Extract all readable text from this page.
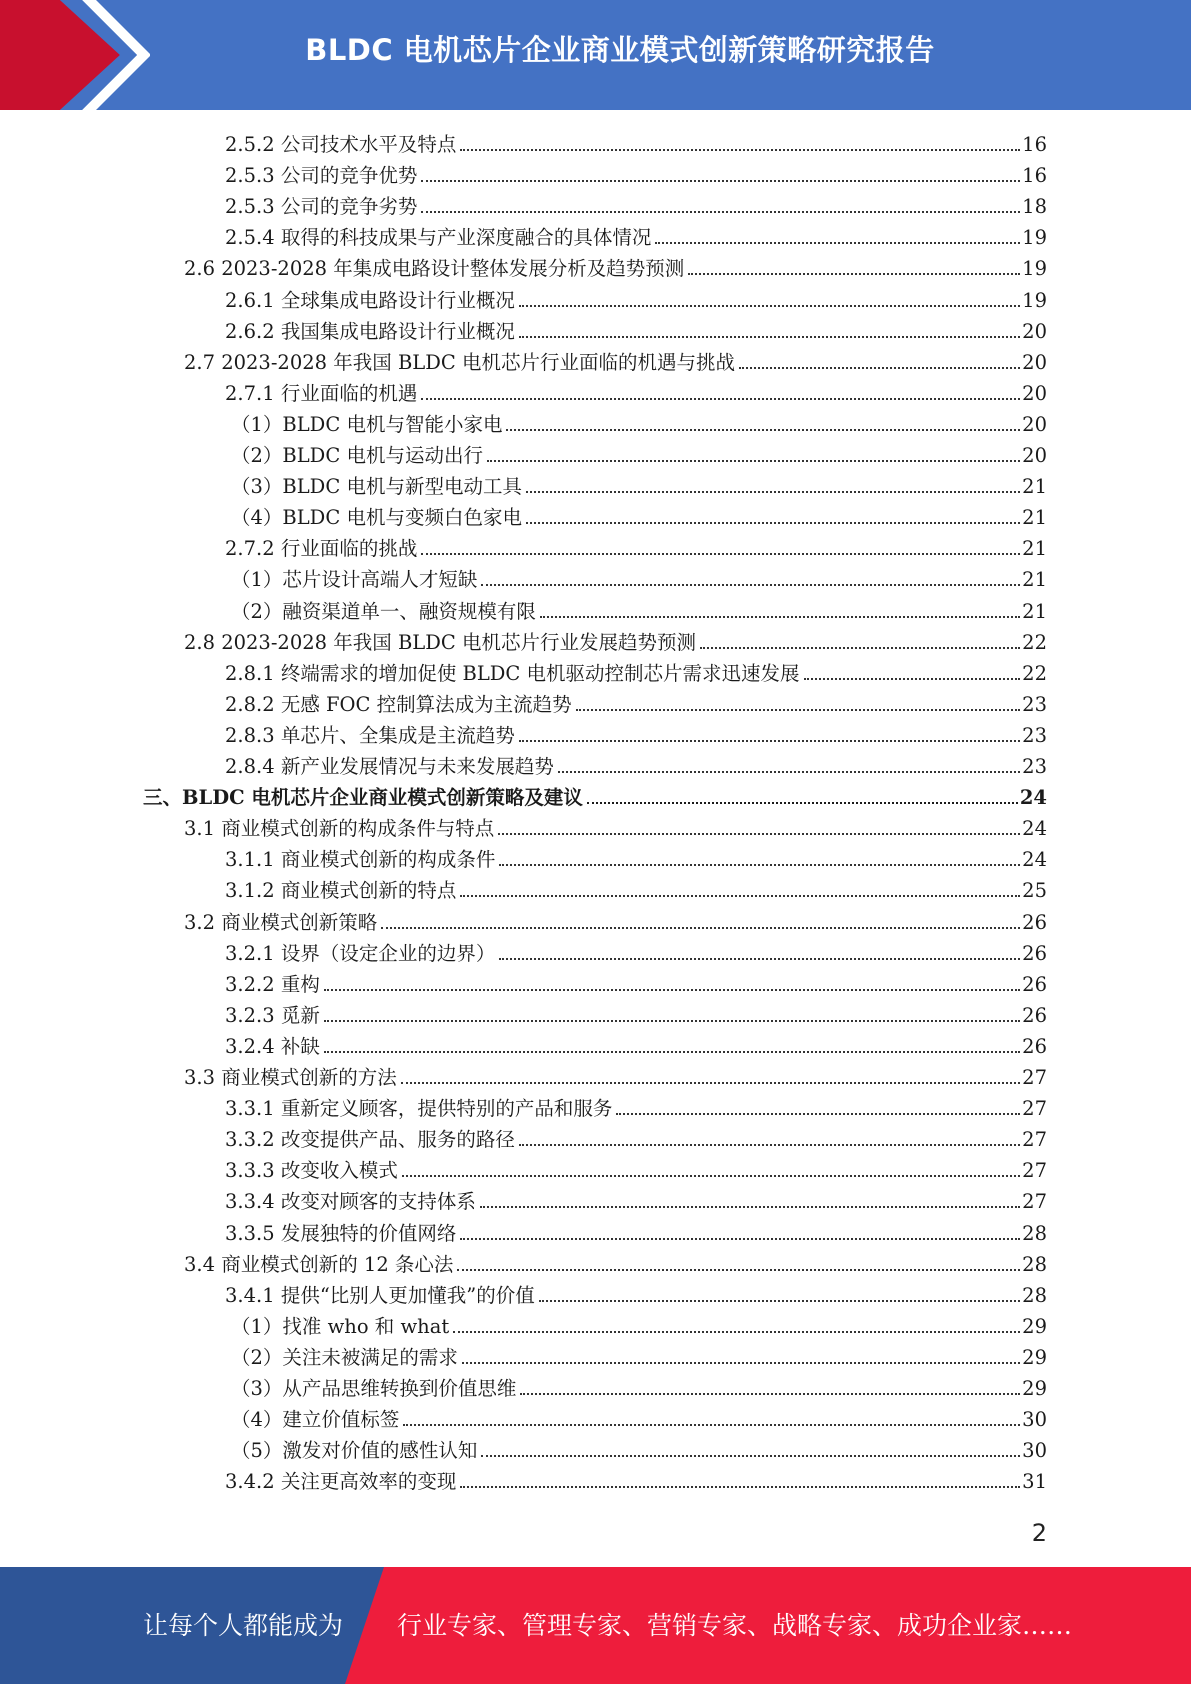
BLDC 电机芯片企业商业模式创新策略研究报告
2.5.2 公司技术水平及特点	16
2.5.3 公司的竞争优势	16
2.5.3 公司的竞争劣势	18
2.5.4 取得的科技成果与产业深度融合的具体情况	19
2.6 2023-2028 年集成电路设计整体发展分析及趋势预测	19
2.6.1 全球集成电路设计行业概况	19
2.6.2 我国集成电路设计行业概况	20
2.7 2023-2028 年我国 BLDC 电机芯片行业面临的机遇与挑战	20
2.7.1 行业面临的机遇	20
（1）BLDC 电机与智能小家电	20
（2）BLDC 电机与运动出行	20
（3）BLDC 电机与新型电动工具	21
（4）BLDC 电机与变频白色家电	21
2.7.2 行业面临的挑战	21
（1）芯片设计高端人才短缺	21
（2）融资渠道单一、融资规模有限	21
2.8 2023-2028 年我国 BLDC 电机芯片行业发展趋势预测	22
2.8.1 终端需求的增加促使 BLDC 电机驱动控制芯片需求迅速发展	22
2.8.2 无感 FOC 控制算法成为主流趋势	23
2.8.3 单芯片、全集成是主流趋势	23
2.8.4 新产业发展情况与未来发展趋势	23
三、BLDC 电机芯片企业商业模式创新策略及建议	24
3.1 商业模式创新的构成条件与特点	24
3.1.1 商业模式创新的构成条件	24
3.1.2 商业模式创新的特点	25
3.2 商业模式创新策略	26
3.2.1 设界（设定企业的边界）	26
3.2.2 重构	26
3.2.3 觅新	26
3.2.4 补缺	26
3.3 商业模式创新的方法	27
3.3.1 重新定义顾客，提供特别的产品和服务	27
3.3.2 改变提供产品、服务的路径	27
3.3.3 改变收入模式	27
3.3.4 改变对顾客的支持体系	27
3.3.5 发展独特的价值网络	28
3.4 商业模式创新的 12 条心法	28
3.4.1 提供“比别人更加懂我”的价值	28
（1）找准 who 和 what	29
（2）关注未被满足的需求	29
（3）从产品思维转换到价值思维	29
（4）建立价值标签	30
（5）激发对价值的感性认知	30
3.4.2 关注更高效率的变现	31
2
让每个人都能成为 行业专家、管理专家、营销专家、战略专家、成功企业家……
